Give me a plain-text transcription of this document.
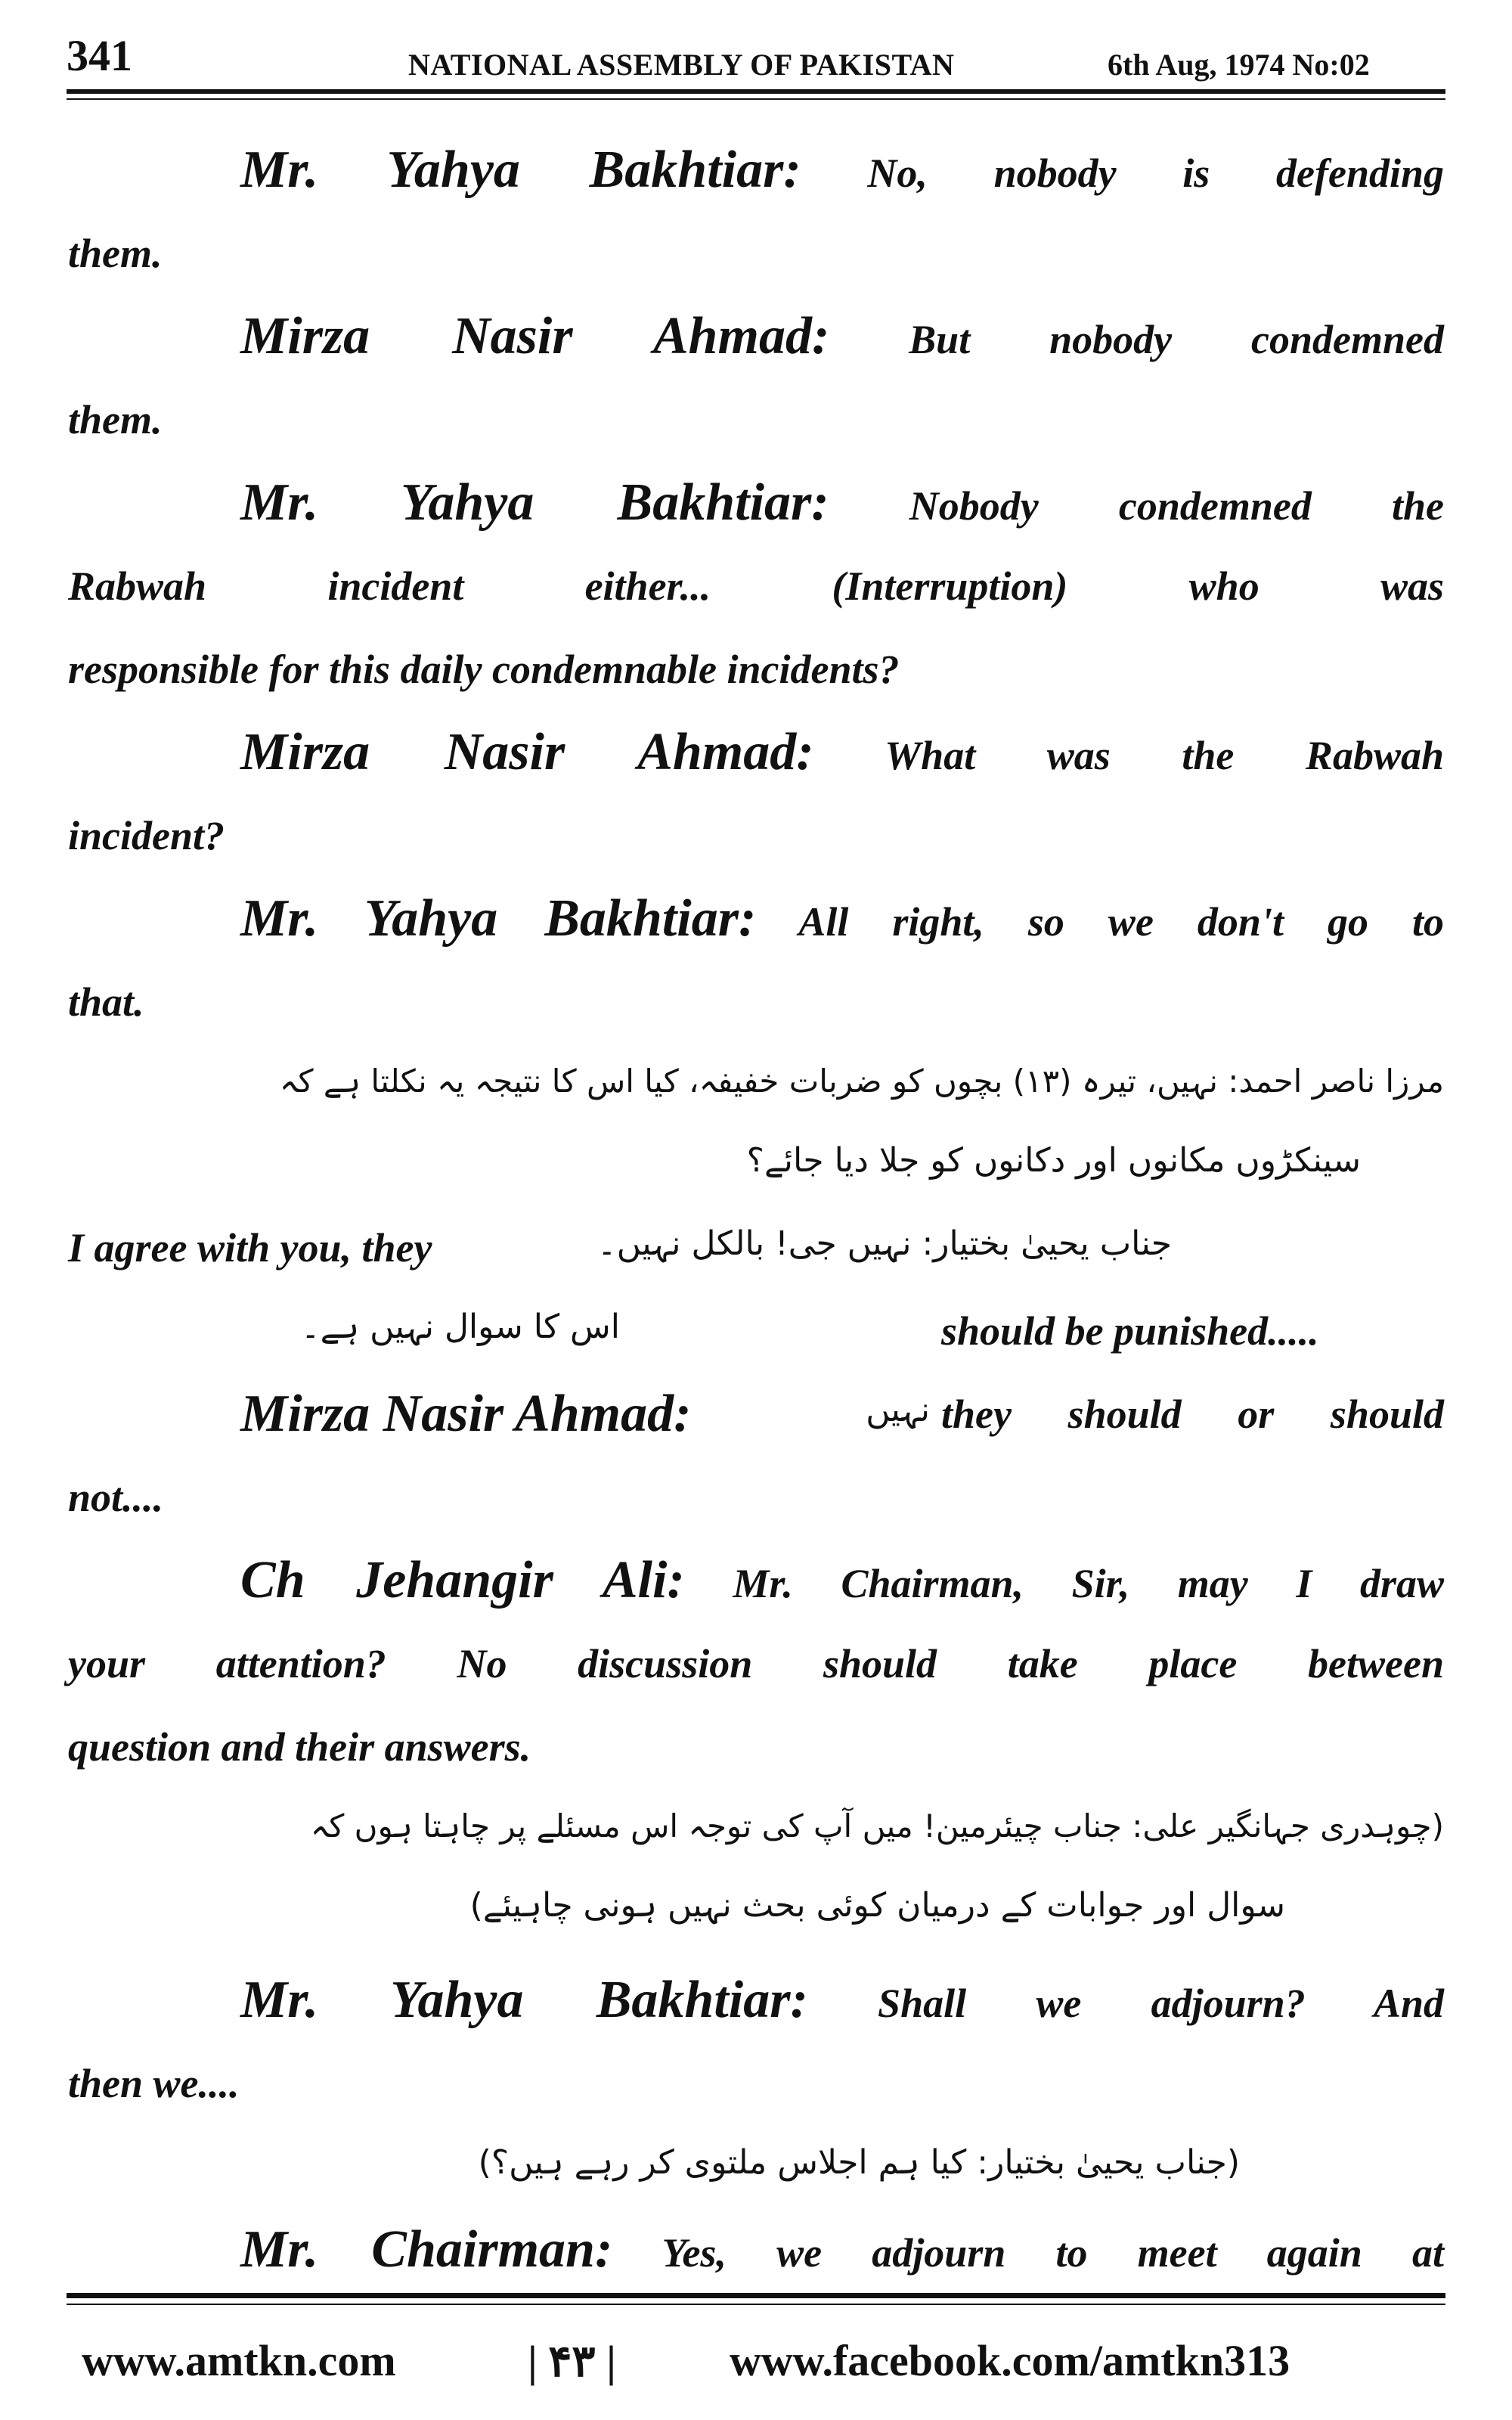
341	NATIONAL ASSEMBLY OF PAKISTAN	6th Aug, 1974 No:02
Mr. Yahya Bakhtiar: No, nobody is defending
them.
Mirza Nasir Ahmad: But nobody condemned
them.
Mr. Yahya Bakhtiar: Nobody condemned the
Rabwah incident either... (Interruption) who was
responsible for this daily condemnable incidents?
Mirza Nasir Ahmad: What was the Rabwah
incident?
Mr. Yahya Bakhtiar: All right, so we don't go to
that.
مرزا ناصر احمد: نہیں، تیرہ (۱۳) بچوں کو ضربات خفیفہ، کیا اس کا نتیجہ یہ نکلتا ہے کہ
سینکڑوں مکانوں اور دکانوں کو جلا دیا جائے؟
I agree with you, they	جناب یحییٰ بختیار: نہیں جی! بالکل نہیں۔
اس کا سوال نہیں ہے۔	should be punished.....
Mirza Nasir Ahmad:	نہیں they should or should
not....
Ch Jehangir Ali: Mr. Chairman, Sir, may I draw
your attention? No discussion should take place between
question and their answers.
(چوہدری جہانگیر علی: جناب چیئرمین! میں آپ کی توجہ اس مسئلے پر چاہتا ہوں کہ
سوال اور جوابات کے درمیان کوئی بحث نہیں ہونی چاہیئے)
Mr. Yahya Bakhtiar: Shall we adjourn? And
then we....
(جناب یحییٰ بختیار: کیا ہم اجلاس ملتوی کر رہے ہیں؟)
Mr. Chairman: Yes, we adjourn to meet again at
www.amtkn.com	| ۴۳ |	www.facebook.com/amtkn313
